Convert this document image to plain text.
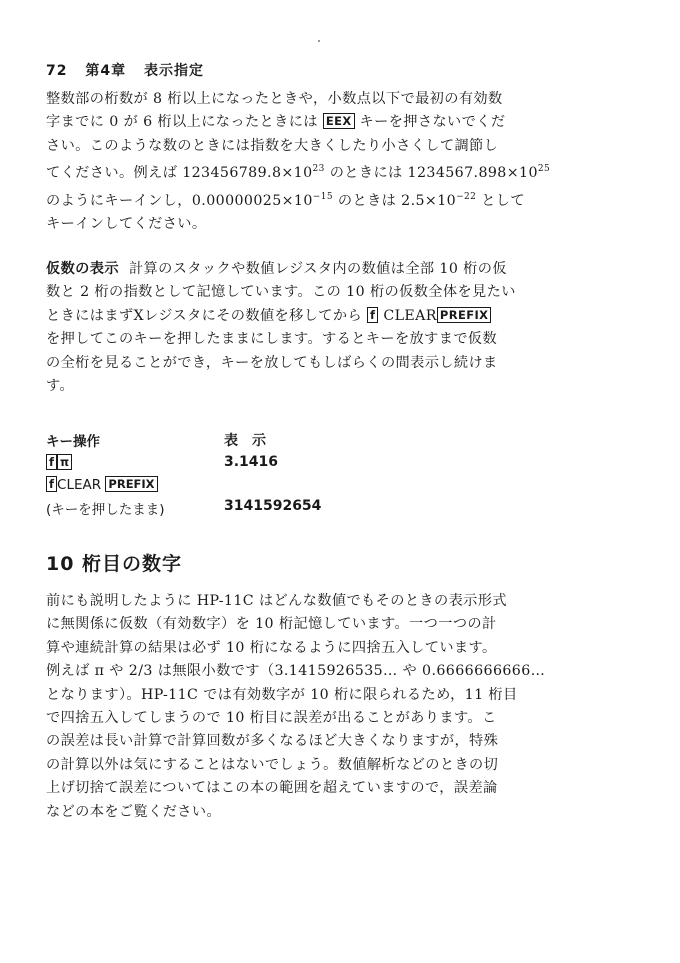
72 第4章 表示指定
整数部の桁数が 8 桁以上になったときや，小数点以下で最初の有効数
字までに 0 が 6 桁以上になったときには EEX キーを押さないでくだ
さい。このような数のときには指数を大きくしたり小さくして調節し
てください。例えば $123456789.8\times 10^{23}$ のときには $1234567.898\times 10^{25}$
のようにキーインし，$0.00000025\times 10^{-15}$ のときは $2.5\times 10^{-22}$ として
キーインしてください。
仮数の表示 計算のスタックや数値レジスタ内の数値は全部 10 桁の仮
数と 2 桁の指数として記憶しています。この 10 桁の仮数全体を見たい
ときにはまずXレジスタにその数値を移してから f CLEAR PREFIX
を押してこのキーを押したままにします。するとキーを放すまで仮数
の全桁を見ることができ，キーを放してもしばらくの間表示し続けま
す。
キー操作	表　示
f π	3.1416
f CLEAR PREFIX
(キーを押したまま)	3141592654
10 桁目の数字
前にも説明したように HP-11C はどんな数値でもそのときの表示形式
に無関係に仮数（有効数字）を 10 桁記憶しています。一つ一つの計
算や連続計算の結果は必ず 10 桁になるように四捨五入しています。
例えば π や 2/3 は無限小数です（3.1415926535… や 0.6666666666…
となります）。HP-11C では有効数字が 10 桁に限られるため，11 桁目
で四捨五入してしまうので 10 桁目に誤差が出ることがあります。こ
の誤差は長い計算で計算回数が多くなるほど大きくなりますが，特殊
の計算以外は気にすることはないでしょう。数値解析などのときの切
上げ切捨て誤差についてはこの本の範囲を超えていますので，誤差論
などの本をご覧ください。
